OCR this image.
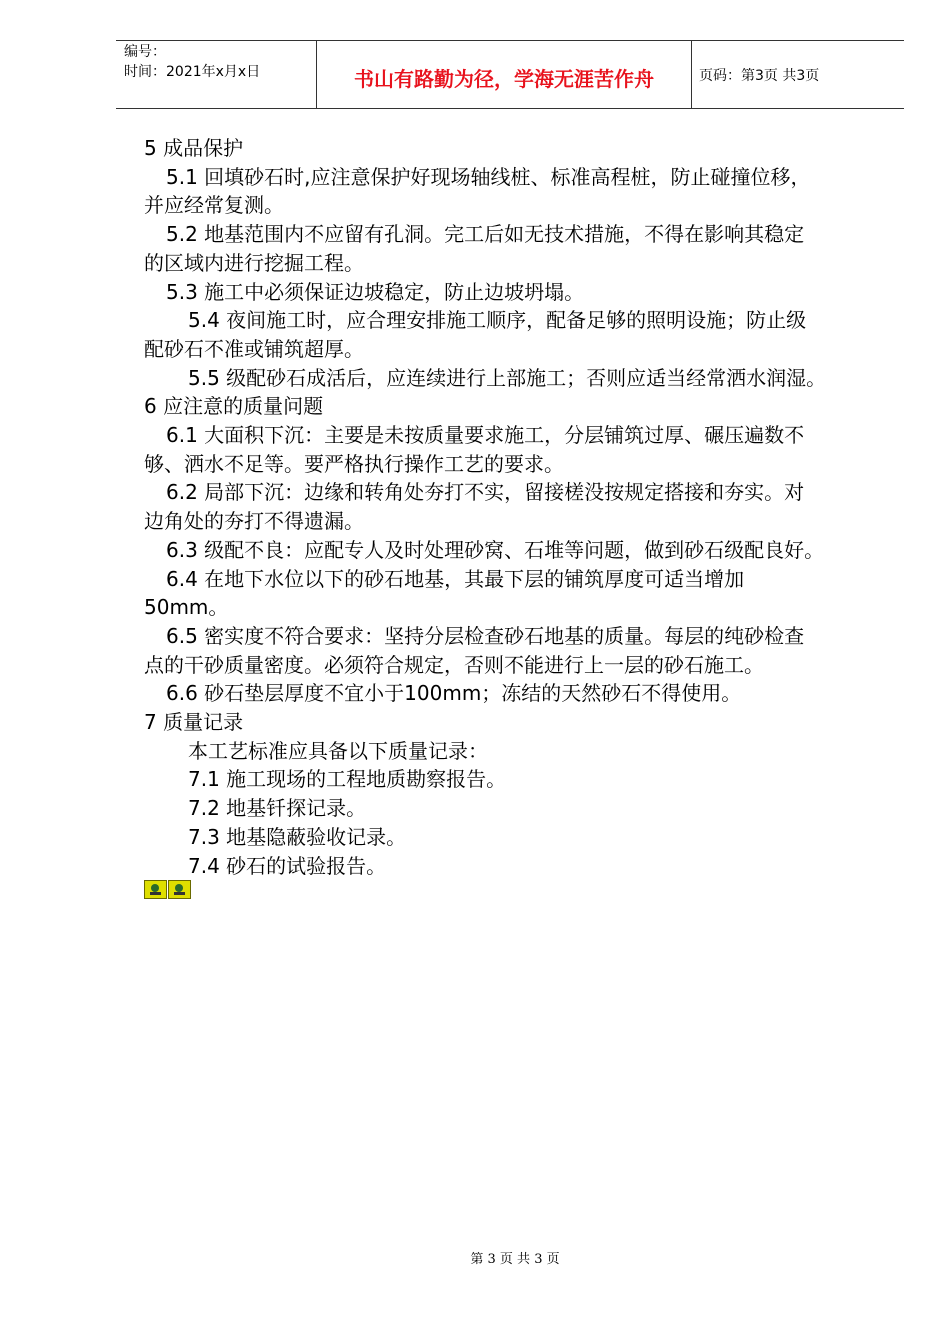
编号：
时间：2021年x月x日	书山有路勤为径，学海无涯苦作舟	页码：第3页 共3页

5 成品保护

5.1 回填砂石时,应注意保护好现场轴线桩、标准高程桩，防止碰撞位移，

并应经常复测。

5.2 地基范围内不应留有孔洞。完工后如无技术措施，不得在影响其稳定

的区域内进行挖掘工程。

5.3 施工中必须保证边坡稳定，防止边坡坍塌。

5.4 夜间施工时，应合理安排施工顺序，配备足够的照明设施；防止级

配砂石不准或铺筑超厚。

5.5 级配砂石成活后，应连续进行上部施工；否则应适当经常洒水润湿。

6 应注意的质量问题

6.1 大面积下沉：主要是未按质量要求施工，分层铺筑过厚、碾压遍数不

够、洒水不足等。要严格执行操作工艺的要求。

6.2 局部下沉：边缘和转角处夯打不实，留接槎没按规定搭接和夯实。对

边角处的夯打不得遗漏。

6.3 级配不良：应配专人及时处理砂窝、石堆等问题，做到砂石级配良好。

6.4 在地下水位以下的砂石地基，其最下层的铺筑厚度可适当增加

50mm。

6.5 密实度不符合要求：坚持分层检查砂石地基的质量。每层的纯砂检查

点的干砂质量密度。必须符合规定，否则不能进行上一层的砂石施工。

6.6 砂石垫层厚度不宜小于100mm；冻结的天然砂石不得使用。

7 质量记录

本工艺标准应具备以下质量记录：

7.1 施工现场的工程地质勘察报告。

7.2 地基钎探记录。

7.3 地基隐蔽验收记录。

7.4 砂石的试验报告。

第 3 页 共 3 页
